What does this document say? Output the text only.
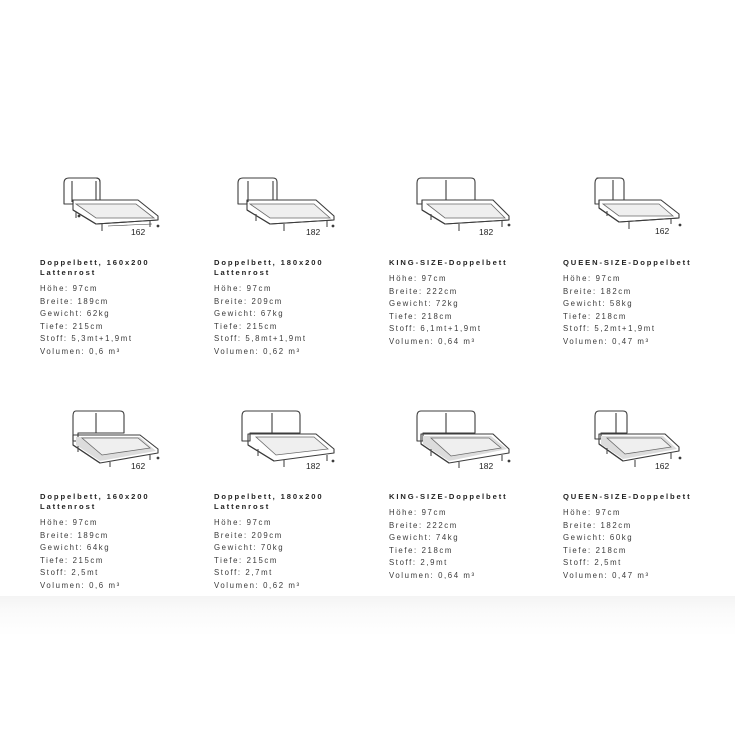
162
Doppelbett, 160x200
Lattenrost
Höhe: 97cm
Breite: 189cm
Gewicht: 62kg
Tiefe: 215cm
Stoff: 5,3mt+1,9mt
Volumen: 0,6 m³
182
Doppelbett, 180x200
Lattenrost
Höhe: 97cm
Breite: 209cm
Gewicht: 67kg
Tiefe: 215cm
Stoff: 5,8mt+1,9mt
Volumen: 0,62 m³
182
KING-SIZE-Doppelbett
Höhe: 97cm
Breite: 222cm
Gewicht: 72kg
Tiefe: 218cm
Stoff: 6,1mt+1,9mt
Volumen: 0,64 m³
162
QUEEN-SIZE-Doppelbett
Höhe: 97cm
Breite: 182cm
Gewicht: 58kg
Tiefe: 218cm
Stoff: 5,2mt+1,9mt
Volumen: 0,47 m³
162
Doppelbett, 160x200
Lattenrost
Höhe: 97cm
Breite: 189cm
Gewicht: 64kg
Tiefe: 215cm
Stoff: 2,5mt
Volumen: 0,6 m³
182
Doppelbett, 180x200
Lattenrost
Höhe: 97cm
Breite: 209cm
Gewicht: 70kg
Tiefe: 215cm
Stoff: 2,7mt
Volumen: 0,62 m³
182
KING-SIZE-Doppelbett
Höhe: 97cm
Breite: 222cm
Gewicht: 74kg
Tiefe: 218cm
Stoff: 2,9mt
Volumen: 0,64 m³
162
QUEEN-SIZE-Doppelbett
Höhe: 97cm
Breite: 182cm
Gewicht: 60kg
Tiefe: 218cm
Stoff: 2,5mt
Volumen: 0,47 m³
